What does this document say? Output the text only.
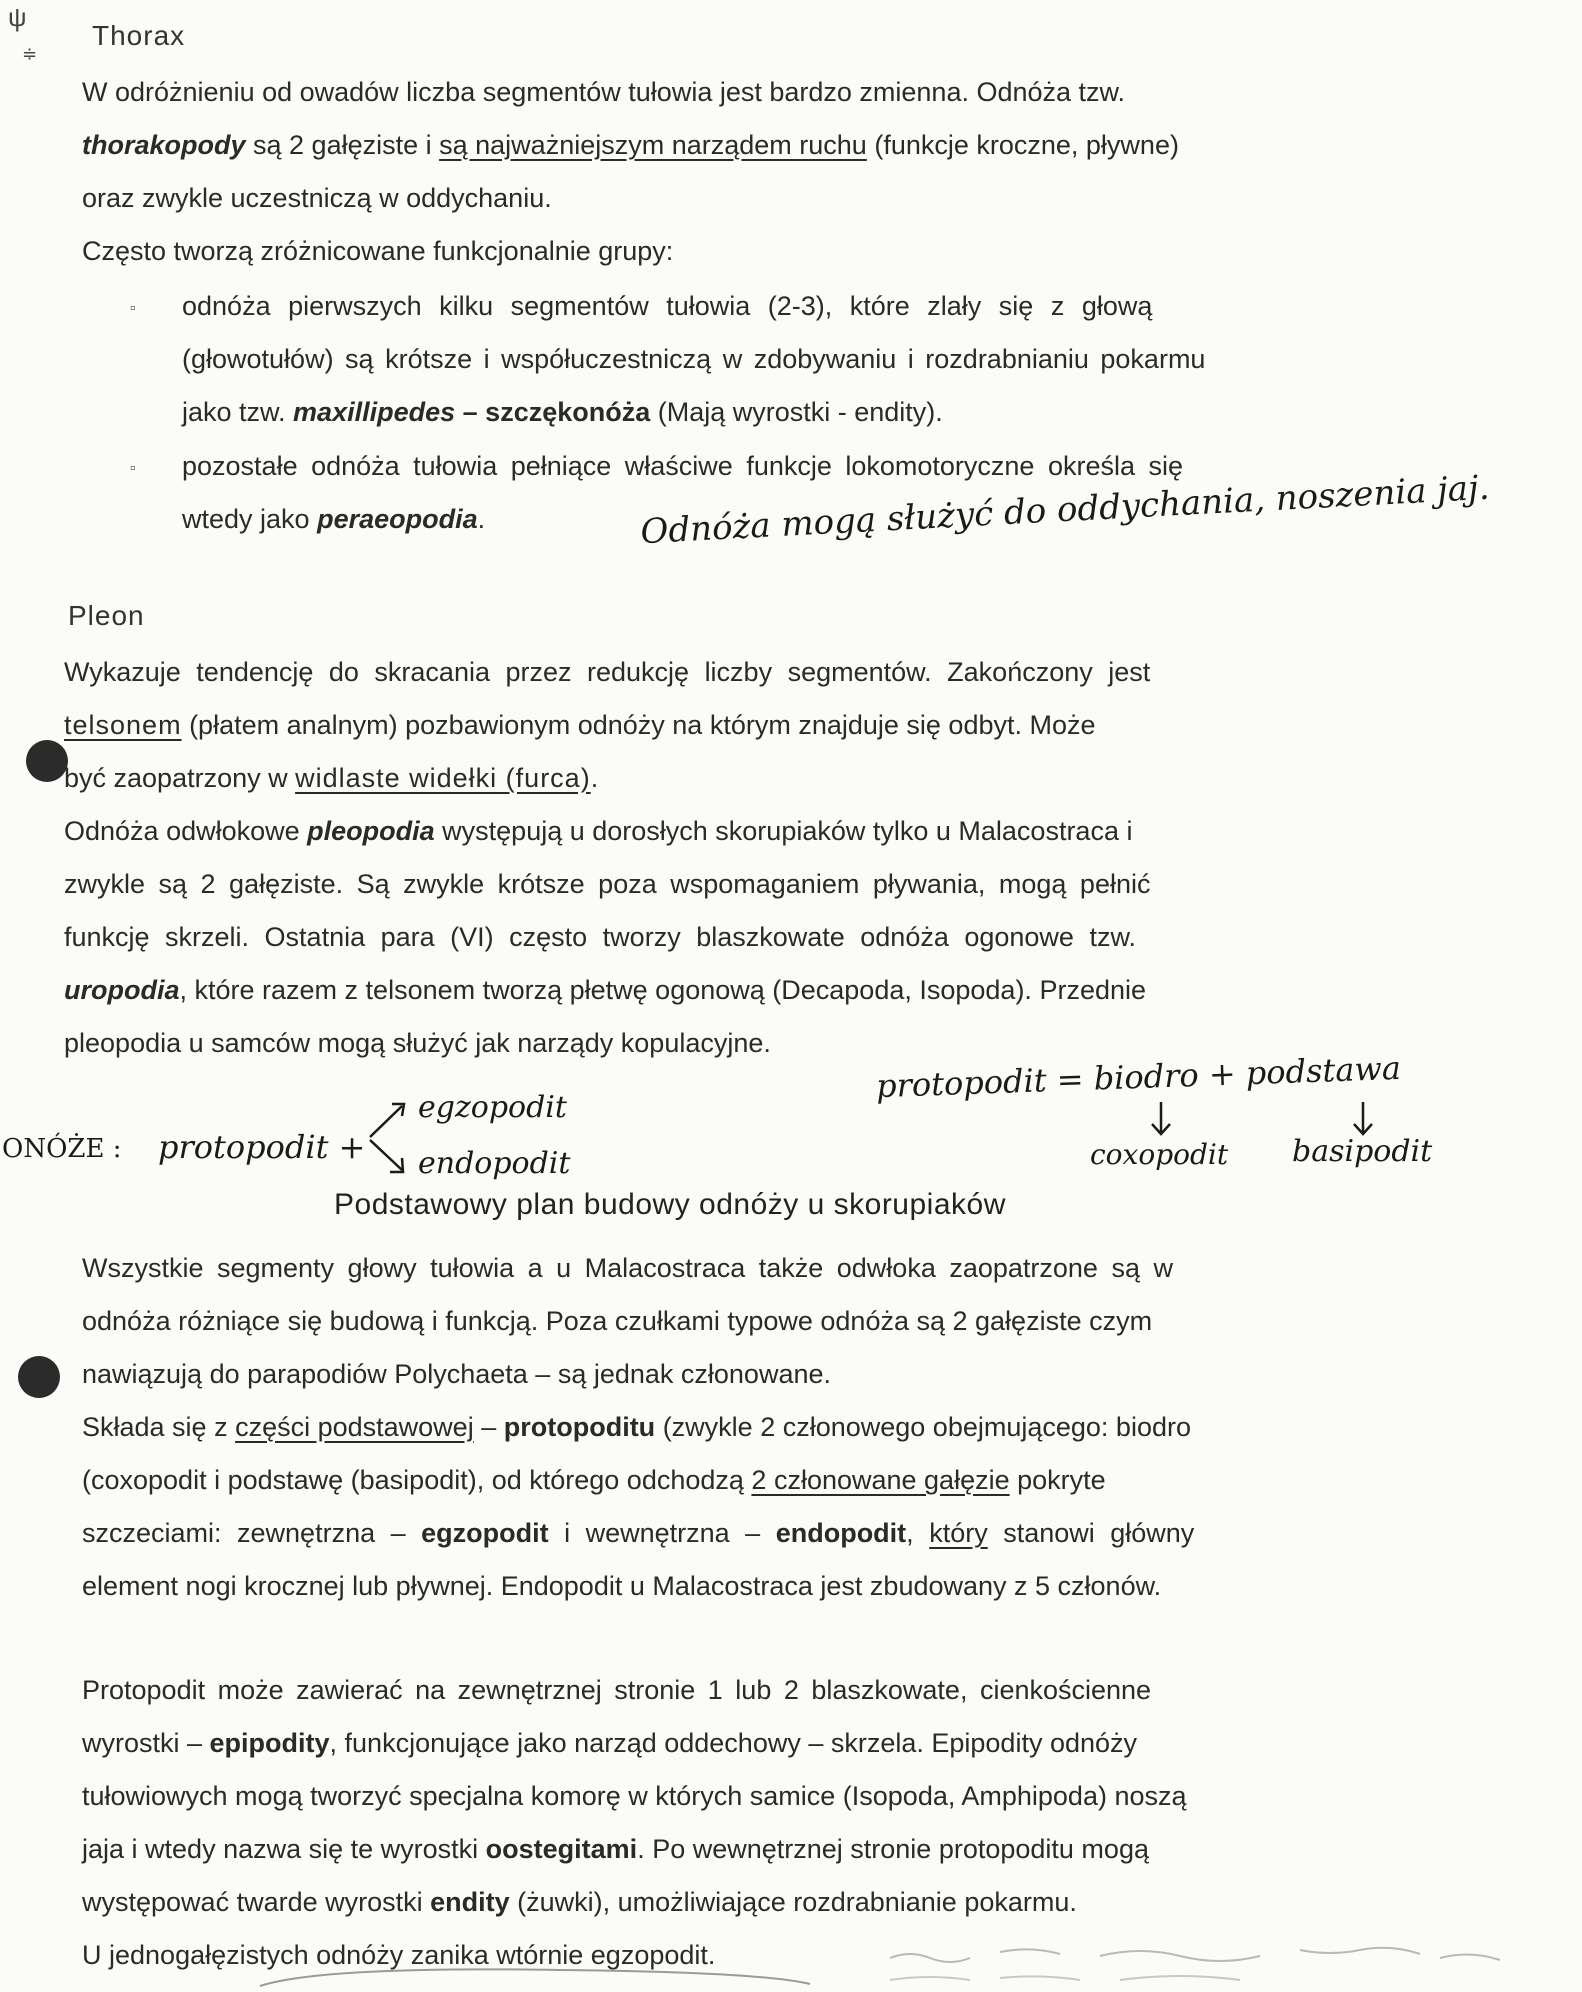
ψ
≑
Thorax
W odróżnieniu od owadów liczba segmentów tułowia jest bardzo zmienna. Odnóża tzw.
thorakopody są 2 gałęziste i są najważniejszym narządem ruchu (funkcje kroczne, pływne)
oraz zwykle uczestniczą w oddychaniu.
Często tworzą zróżnicowane funkcjonalnie grupy:
▫ odnóża pierwszych kilku segmentów tułowia (2-3), które zlały się z głową
(głowotułów) są krótsze i współuczestniczą w zdobywaniu i rozdrabnianiu pokarmu
jako tzw. maxillipedes – szczękonóża (Mają wyrostki - endity).
▫ pozostałe odnóża tułowia pełniące właściwe funkcje lokomotoryczne określa się
wtedy jako peraeopodia.	Odnóża mogą służyć do oddychania, noszenia jaj.
Pleon
Wykazuje tendencję do skracania przez redukcję liczby segmentów. Zakończony jest
telsonem (płatem analnym) pozbawionym odnóży na którym znajduje się odbyt. Może
być zaopatrzony w widlaste widełki (furca).
Odnóża odwłokowe pleopodia występują u dorosłych skorupiaków tylko u Malacostraca i
zwykle są 2 gałęziste. Są zwykle krótsze poza wspomaganiem pływania, mogą pełnić
funkcję skrzeli. Ostatnia para (VI) często tworzy blaszkowate odnóża ogonowe tzw.
uropodia, które razem z telsonem tworzą płetwę ogonową (Decapoda, Isopoda). Przednie
pleopodia u samców mogą służyć jak narządy kopulacyjne.
ONÓŻE : protopodit +
egzopodit
endopodit
protopodit = biodro + podstawa
coxopodit basipodit
Podstawowy plan budowy odnóży u skorupiaków
Wszystkie segmenty głowy tułowia a u Malacostraca także odwłoka zaopatrzone są w
odnóża różniące się budową i funkcją. Poza czułkami typowe odnóża są 2 gałęziste czym
nawiązują do parapodiów Polychaeta – są jednak członowane.
Składa się z części podstawowej – protopoditu (zwykle 2 członowego obejmującego: biodro
(coxopodit i podstawę (basipodit), od którego odchodzą 2 członowane gałęzie pokryte
szczeciami: zewnętrzna – egzopodit i wewnętrzna – endopodit, który stanowi główny
element nogi krocznej lub pływnej. Endopodit u Malacostraca jest zbudowany z 5 członów.
Protopodit może zawierać na zewnętrznej stronie 1 lub 2 blaszkowate, cienkościenne
wyrostki – epipodity, funkcjonujące jako narząd oddechowy – skrzela. Epipodity odnóży
tułowiowych mogą tworzyć specjalna komorę w których samice (Isopoda, Amphipoda) noszą
jaja i wtedy nazwa się te wyrostki oostegitami. Po wewnętrznej stronie protopoditu mogą
występować twarde wyrostki endity (żuwki), umożliwiające rozdrabnianie pokarmu.
U jednogałęzistych odnóży zanika wtórnie egzopodit.
